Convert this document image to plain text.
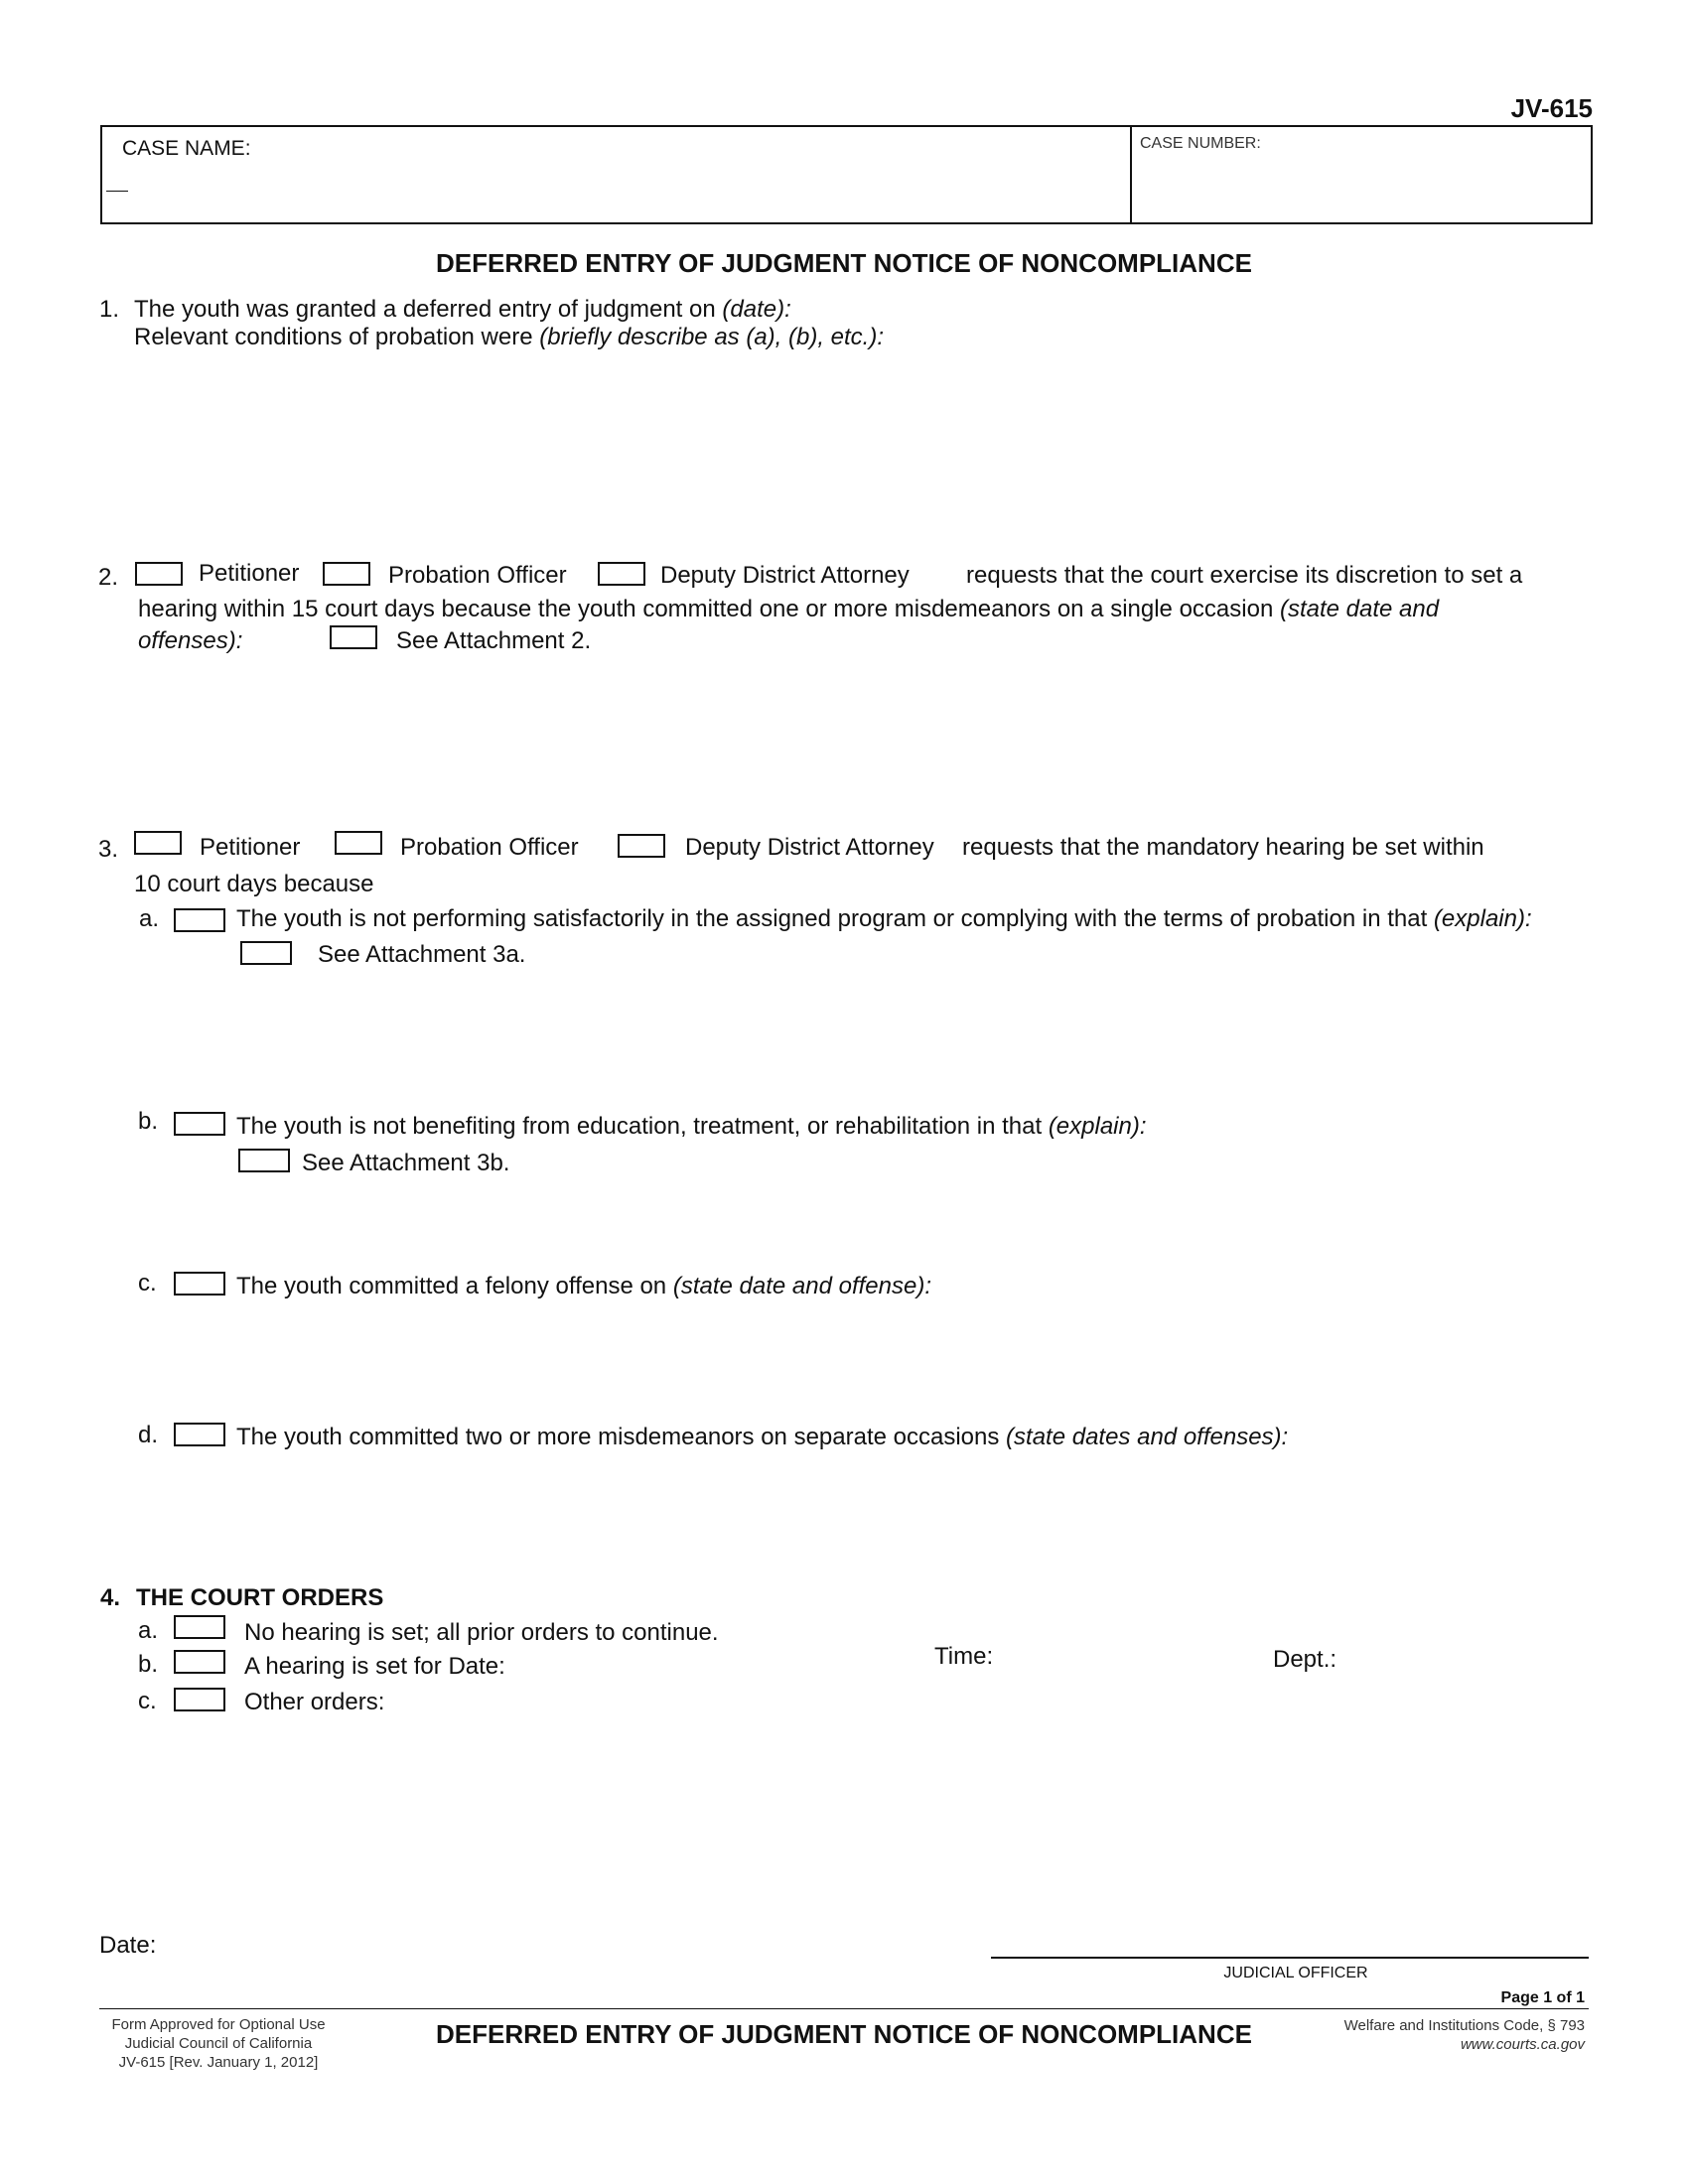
JV-615
CASE NAME:	CASE NUMBER:
DEFERRED ENTRY OF JUDGMENT NOTICE OF NONCOMPLIANCE
1. The youth was granted a deferred entry of judgment on (date):
Relevant conditions of probation were (briefly describe as (a), (b), etc.):
2.	Petitioner	Probation Officer	Deputy District Attorney requests that the court exercise its discretion to set a
hearing within 15 court days because the youth committed one or more misdemeanors on a single occasion (state date and
offenses):	See Attachment 2.
3.	Petitioner	Probation Officer	Deputy District Attorney requests that the mandatory hearing be set within
10 court days because
a.	The youth is not performing satisfactorily in the assigned program or complying with the terms of probation in that (explain):
See Attachment 3a.
b.	The youth is not benefiting from education, treatment, or rehabilitation in that (explain):
See Attachment 3b.
c.	The youth committed a felony offense on (state date and offense):
d.	The youth committed two or more misdemeanors on separate occasions (state dates and offenses):
4. THE COURT ORDERS
a.	No hearing is set; all prior orders to continue.
b.	A hearing is set for Date:	Time:	Dept.:
c.	Other orders:
Date:
JUDICIAL OFFICER
Page 1 of 1
Form Approved for Optional Use
Judicial Council of California
JV-615 [Rev. January 1, 2012]
DEFERRED ENTRY OF JUDGMENT NOTICE OF NONCOMPLIANCE	Welfare and Institutions Code, § 793
www.courts.ca.gov
